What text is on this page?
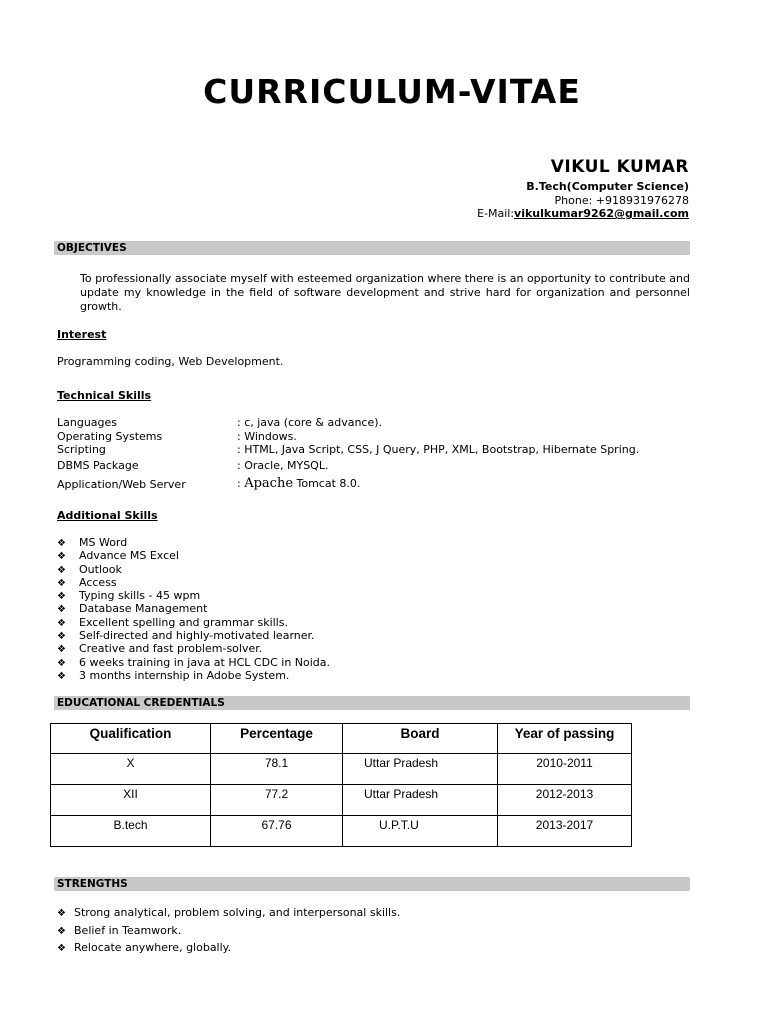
CURRICULUM-VITAE
VIKUL KUMAR
B.Tech(Computer Science)
Phone: +918931976278
E-Mail:vikulkumar9262@gmail.com
OBJECTIVES
To professionally associate myself with esteemed organization where there is an opportunity to contribute and update my knowledge in the field of software development and strive hard for organization and personnel growth.
Interest
Programming coding, Web Development.
Technical Skills
Languages	: c, java (core & advance).
Operating Systems	: Windows.
Scripting	: HTML, Java Script, CSS, J Query, PHP, XML, Bootstrap, Hibernate Spring.
DBMS Package	: Oracle, MYSQL.
Application/Web Server	: Apache Tomcat 8.0.
Additional Skills
❖ MS Word
❖ Advance MS Excel
❖ Outlook
❖ Access
❖ Typing skills - 45 wpm
❖ Database Management
❖ Excellent spelling and grammar skills.
❖ Self-directed and highly-motivated learner.
❖ Creative and fast problem-solver.
❖ 6 weeks training in java at HCL CDC in Noida.
❖ 3 months internship in Adobe System.
EDUCATIONAL CREDENTIALS
Qualification	Percentage	Board	Year of passing
X	78.1	Uttar Pradesh	2010-2011
XII	77.2	Uttar Pradesh	2012-2013
B.tech	67.76	U.P.T.U	2013-2017
STRENGTHS
❖ Strong analytical, problem solving, and interpersonal skills.
❖ Belief in Teamwork.
❖ Relocate anywhere, globally.
